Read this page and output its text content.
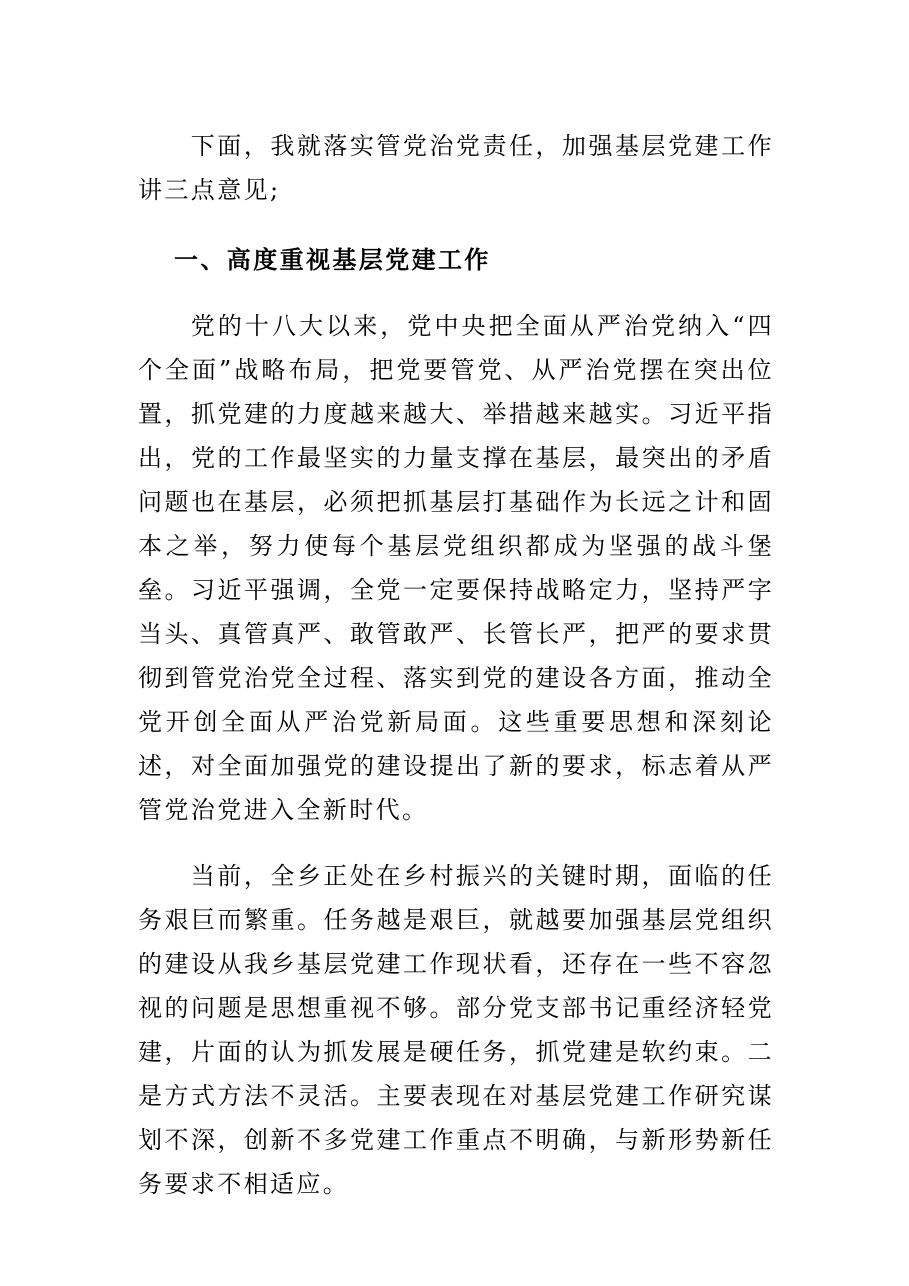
下面，我就落实管党治党责任，加强基层党建工作讲三点意见;

一、高度重视基层党建工作

党的十八大以来，党中央把全面从严治党纳入“四个全面”战略布局，把党要管党、从严治党摆在突出位置，抓党建的力度越来越大、举措越来越实。习近平指出，党的工作最坚实的力量支撑在基层，最突出的矛盾问题也在基层，必须把抓基层打基础作为长远之计和固本之举，努力使每个基层党组织都成为坚强的战斗堡垒。习近平强调，全党一定要保持战略定力，坚持严字当头、真管真严、敢管敢严、长管长严，把严的要求贯彻到管党治党全过程、落实到党的建设各方面，推动全党开创全面从严治党新局面。这些重要思想和深刻论述，对全面加强党的建设提出了新的要求，标志着从严管党治党进入全新时代。

当前，全乡正处在乡村振兴的关键时期，面临的任务艰巨而繁重。任务越是艰巨，就越要加强基层党组织的建设从我乡基层党建工作现状看，还存在一些不容忽视的问题是思想重视不够。部分党支部书记重经济轻党建，片面的认为抓发展是硬任务，抓党建是软约束。二是方式方法不灵活。主要表现在对基层党建工作研究谋划不深，创新不多党建工作重点不明确，与新形势新任务要求不相适应。
